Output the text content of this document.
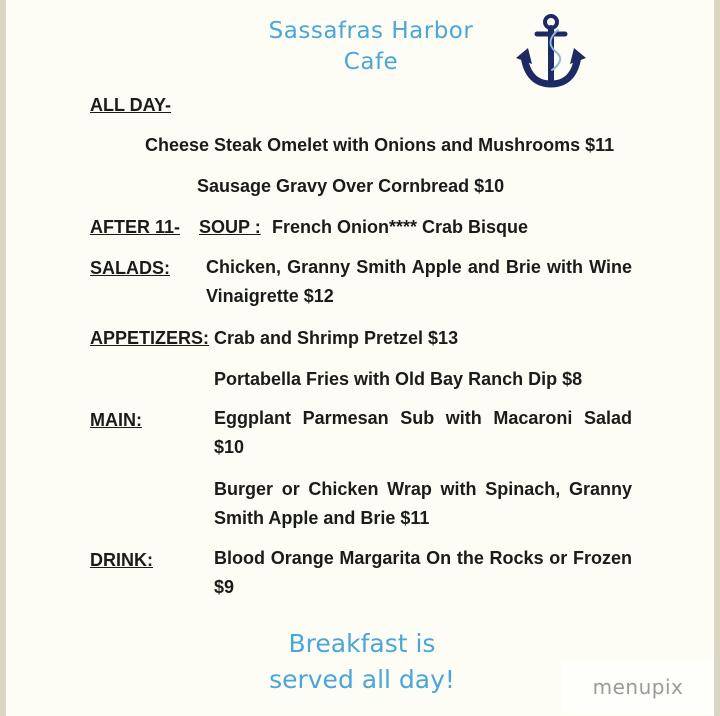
Sassafras Harbor
Cafe
ALL DAY-
Cheese Steak Omelet with Onions and Mushrooms $11
Sausage Gravy Over Cornbread $10
AFTER 11- SOUP : French Onion**** Crab Bisque
SALADS: Chicken, Granny Smith Apple and Brie with Wine Vinaigrette $12
APPETIZERS: Crab and Shrimp Pretzel $13
Portabella Fries with Old Bay Ranch Dip $8
MAIN:	Eggplant Parmesan Sub with Macaroni Salad $10
Burger or Chicken Wrap with Spinach, Granny Smith Apple and Brie $11
DRINK:	Blood Orange Margarita On the Rocks or Frozen $9
Breakfast is
served all day!	menupix
